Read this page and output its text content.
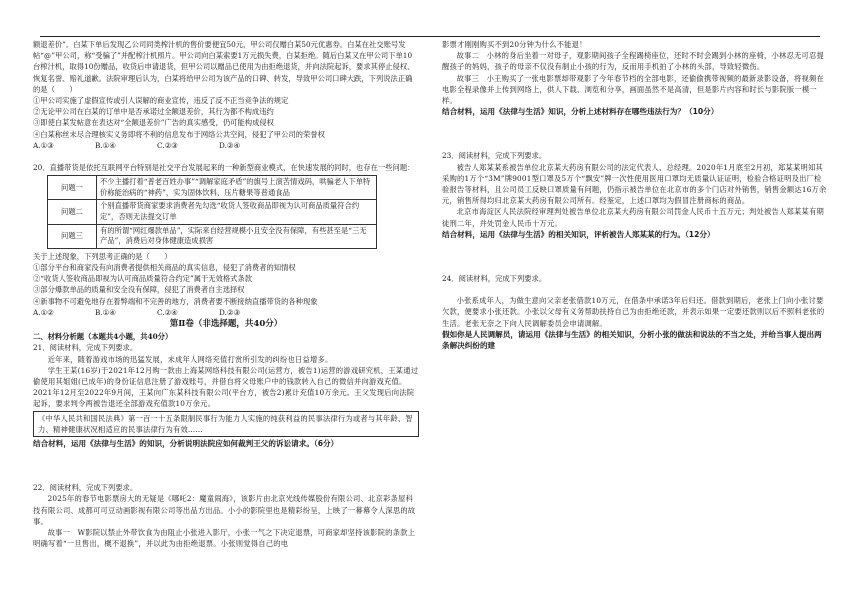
额退差价”。白某下单后发现乙公司同类榨汁机的售价要便宜50元，甲公司仅赠白某50元优惠券。白某在社交账号发帖“@”甲公司，称“受骗了”并配榨汁机照片。甲公司向白某索要1万元损失费，白某拒绝。随后白某又在甲公司下单10台榨汁机，取得10份赠品，收货后申请退货，但甲公司以赠品已使用为由拒绝退货，并向法院起诉，要求其停止侵权、恢复名誉、赔礼道歉。法院审理后认为，白某将给甲公司为该产品的口碑、转发，导致甲公司口碑大跌，下列说法正确的是（　　）

①甲公司实施了虚假宣传或引人误解的商业宣传，违反了反不正当竞争法的规定

②无论甲公司在白某的订单中是否承诺过全额退差价，其行为都不构成违约

③即使白某发帖意在表达对“全额退差价”广告的真实感受，仍可能构成侵权

④白某称丝未尽合理核实义务即将不利的信息发布于网络公共空间，侵犯了甲公司的荣誉权

A.①③	B.①④	C.②③	D.②④

20．直播带货是依托互联网平台特别是社交平台发展起来的一种新型商业模式，在快速发展的同时，也存在一些问题：

问题一	不少主播打着“普老百姓办事”“调解家庭矛盾”的旗号上演苦情戏码，哄骗老人下单特价称能治病的“神药”，实为固体饮料、压片糖果等普通食品
问题二	个别直播带货商家要求消费者先勾选“收货人签收商品即视为认可商品质量符合约定”，否则无法提交订单
问题三	有的所谓“网红爆款单品”，实际来自经营规模小且安全没有保障，有些甚至是“三无产品”，消费后对身体健康造成损害

关于上述现象，下列思考正确的是（　　）

①部分平台和商家没有向消费者提供相关商品的真实信息，侵犯了消费者的知情权

②“收货人签收商品即视为认可商品质量符合约定”属于无效格式条款

③部分爆款单品的质量和安全没有保障，侵犯了消费者自主选择权

④新事物不可避免地存在着弊端和不完善的地方，消费者要不断接纳直播带货的各种现象

A.①②	B.①④	C.②④	D.②③

第Ⅱ卷（非选择题，共40分）

二、材料分析题（本题共4小题，共40分）

21．阅读材料，完成下列要求。

近年来，随着游戏市场的迅猛发展，未成年人网络充值打赏所引发的纠纷也日益增多。

学生王某(16岁)于2021年12月购一款由上海某网络科技有限公司(运营方，被告1)运营的游戏研究机，王某通过偷使用其姐姐(已成年)的身份证信息注册了游戏账号，并借自将父母账户中的钱款转入自己的微信并向游戏充值。2021年12月至2022年9月间，王某向广东某科技有限公司(平台方，被告2)累计充值10万余元。王父发现后向法院起诉，要求判令两被告退还全部游戏充值款10万余元。

《中华人民共和国民法典》第一百一十五条限制民事行为能力人实施的纯获利益的民事法律行为或者与其年龄、智力、精神健康状况相适应的民事法律行为有效……

结合材料，运用《法律与生活》的知识，分析说明法院应如何裁判王父的诉讼请求。（6分）

22．阅读材料，完成下列要求。

2025年的春节电影票房大的无疑是《哪吒2：魔童闹海》，该影片由北京光线传媒股份有限公司、北京彩条屋科技有限公司、成都可可豆动画影视有限公司等出品方出品。小小的影院里也是精彩纷呈，上映了一幕幕令人深思的故事。

故事一　W影院以禁止外带饮食为由阻止小张进入影厅，小张一气之下决定退票，可商家却坚持该影院的条款上明确写着“一旦售出，概不退换”，并以此为由拒绝退票。小张则觉得自己的电

影票才刚刚购买不到20分钟为什么不能退！

故事二　小林的身后坐着一对母子，观影期间孩子全程踢椅座位，还时不时会踢到小林的座椅，小林忍无可忍提醒孩子的妈妈，孩子的母亲不仅没有制止小孩的行为，反而用手机拍了小林的头部，导致轻微伤。

故事三　小王购买了一张电影票却带观影了今年春节档的全部电影，还偷偷携带视频的最新录影设备，将视频在电影全程录像并上传到网络上，供人下载、浏览和分享，画面虽然不是高清，但是影片内容和时长与影院版一模一样。

结合材料，运用《法律与生活》知识，分析上述材料存在哪些违法行为？（10分）

23．阅读材料，完成下列要求。

被告人郑某某系被告单位北京某大药房有限公司的法定代表人、总经理。2020年1月底至2月初，郑某某明知其采购的1万个“3M”牌9001型口罩及5万个“飘安”牌一次性使用医用口罩均无质量认证证明，检验合格证明及出厂检验报告等材料，且公司员工反映口罩质量有问题，仍指示被告单位在北京市的多个门店对外销售，销售金额达16万余元，销售所得均归北京某大药房有限公司所有。经鉴定，上述口罩均为假冒注册商标的商品。

北京市海淀区人民法院经审理判处被告单位北京某大药房有限公司罚金人民币十五万元；判处被告人郑某某有期徒刑二年，并处罚金人民币十万元。

结合材料，运用《法律与生活》的相关知识，评析被告人郑某某的行为。（12分）

24．阅读材料，完成下列要求。

小张系成年人，为做生意向父亲老张借款10万元，在借条中承诺3年后归还。借款到期后，老张上门向小张讨要欠款，便要求小张还款。小张以父母有义务帮助扶持自己为由拒绝还款，并表示如果一定要还款则以后不照料老张的生活。老张无奈之下向人民调解委员会申请调解。

假如你是人民调解员，请运用《法律与生活》的相关知识，分析小张的做法和说法的不当之处，并给当事人提出两条解决纠纷的建
